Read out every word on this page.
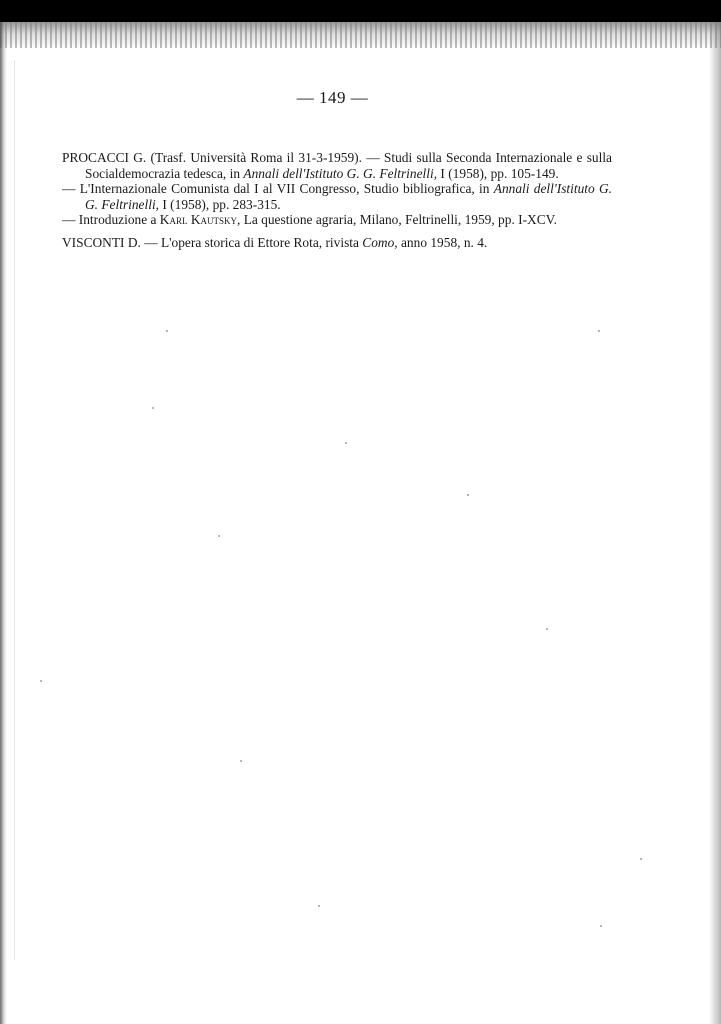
— 149 —

PROCACCI G. (Trasf. Università Roma il 31-3-1959). — Studi sulla Seconda Internazionale e sulla Socialdemocrazia tedesca, in Annali dell'Istituto G. G. Feltrinelli, I (1958), pp. 105-149.

— L'Internazionale Comunista dal I al VII Congresso, Studio bibliografica, in Annali dell'Istituto G. G. Feltrinelli, I (1958), pp. 283-315.

— Introduzione a Karl Kautsky, La questione agraria, Milano, Feltrinelli, 1959, pp. I-XCV.

VISCONTI D. — L'opera storica di Ettore Rota, rivista Como, anno 1958, n. 4.
